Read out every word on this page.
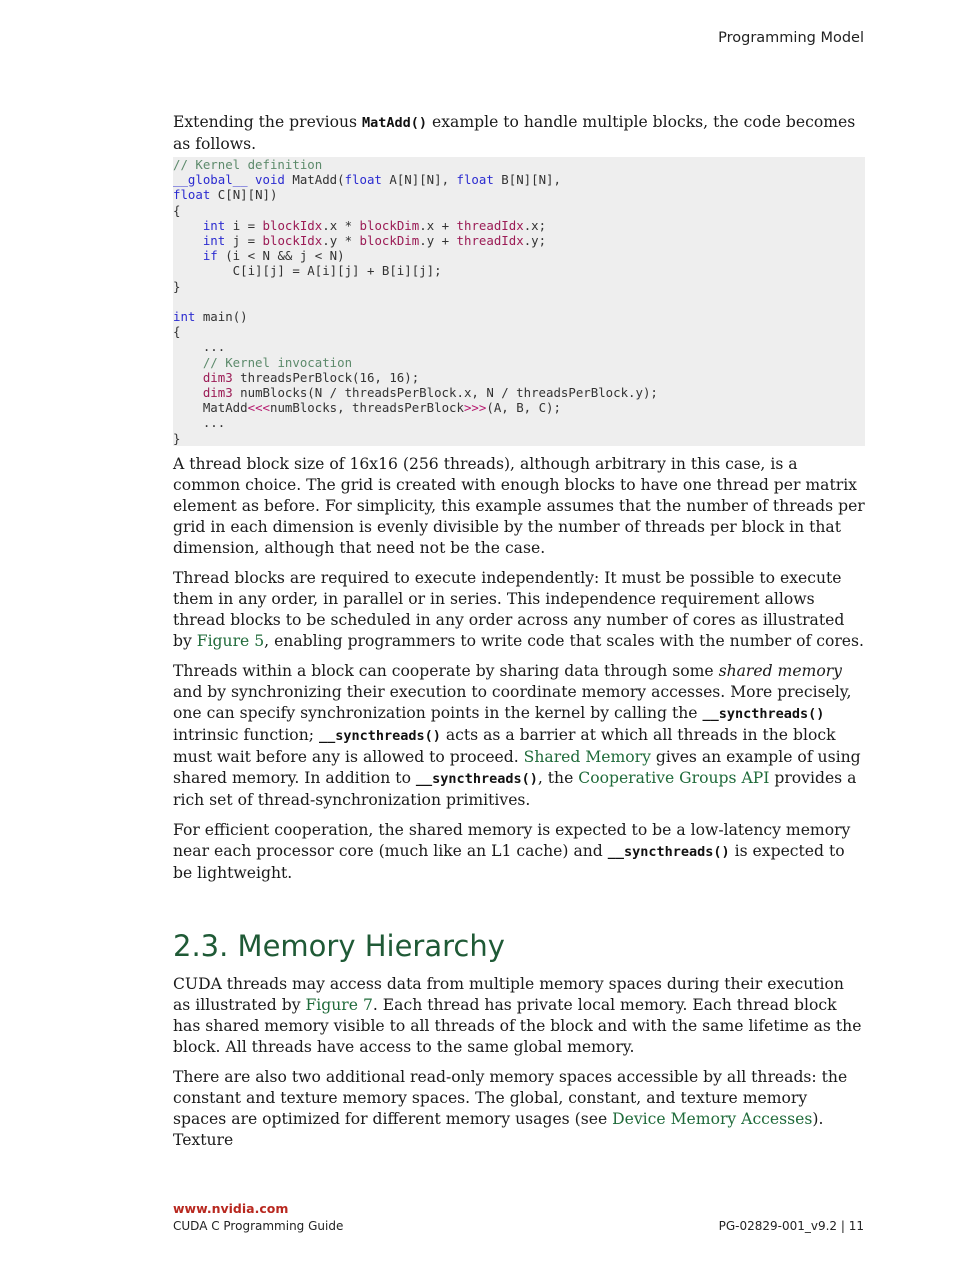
Programming Model

Extending the previous MatAdd() example to handle multiple blocks, the code becomes as follows.

// Kernel definition
__global__ void MatAdd(float A[N][N], float B[N][N],
float C[N][N])
{
int i = blockIdx.x * blockDim.x + threadIdx.x;
int j = blockIdx.y * blockDim.y + threadIdx.y;
if (i < N && j < N)
C[i][j] = A[i][j] + B[i][j];
}

int main()
{
...
// Kernel invocation
dim3 threadsPerBlock(16, 16);
dim3 numBlocks(N / threadsPerBlock.x, N / threadsPerBlock.y);
MatAdd<<<numBlocks, threadsPerBlock>>>(A, B, C);
...
}

A thread block size of 16x16 (256 threads), although arbitrary in this case, is a common choice. The grid is created with enough blocks to have one thread per matrix element as before. For simplicity, this example assumes that the number of threads per grid in each dimension is evenly divisible by the number of threads per block in that dimension, although that need not be the case.

Thread blocks are required to execute independently: It must be possible to execute them in any order, in parallel or in series. This independence requirement allows thread blocks to be scheduled in any order across any number of cores as illustrated by Figure 5, enabling programmers to write code that scales with the number of cores.

Threads within a block can cooperate by sharing data through some shared memory and by synchronizing their execution to coordinate memory accesses. More precisely, one can specify synchronization points in the kernel by calling the __syncthreads() intrinsic function; __syncthreads() acts as a barrier at which all threads in the block must wait before any is allowed to proceed. Shared Memory gives an example of using shared memory. In addition to __syncthreads(), the Cooperative Groups API provides a rich set of thread-synchronization primitives.

For efficient cooperation, the shared memory is expected to be a low-latency memory near each processor core (much like an L1 cache) and __syncthreads() is expected to be lightweight.

2.3. Memory Hierarchy

CUDA threads may access data from multiple memory spaces during their execution as illustrated by Figure 7. Each thread has private local memory. Each thread block has shared memory visible to all threads of the block and with the same lifetime as the block. All threads have access to the same global memory.

There are also two additional read-only memory spaces accessible by all threads: the constant and texture memory spaces. The global, constant, and texture memory spaces are optimized for different memory usages (see Device Memory Accesses). Texture

www.nvidia.com
CUDA C Programming Guide	PG-02829-001_v9.2 | 11
